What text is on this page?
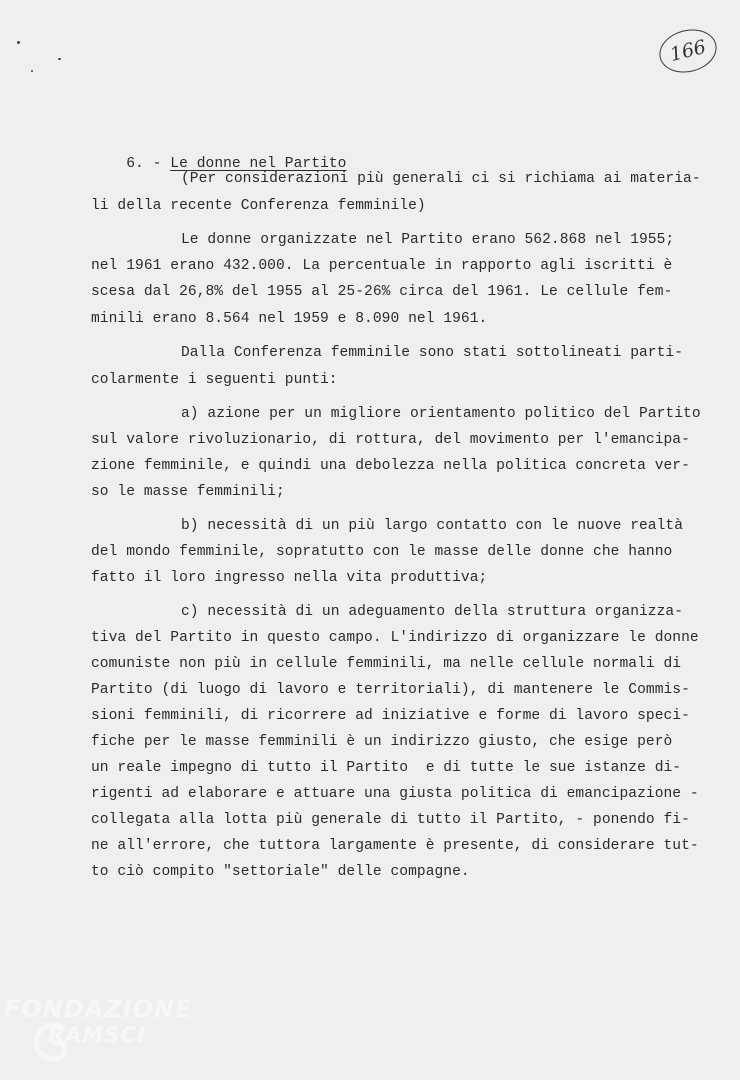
166

6. - Le donne nel Partito

(Per considerazioni più generali ci si richiama ai materia-
li della recente Conferenza femminile)
Le donne organizzate nel Partito erano 562.868 nel 1955;
nel 1961 erano 432.000. La percentuale in rapporto agli iscritti è
scesa dal 26,8% del 1955 al 25-26% circa del 1961. Le cellule fem-
minili erano 8.564 nel 1959 e 8.090 nel 1961.
Dalla Conferenza femminile sono stati sottolineati parti-
colarmente i seguenti punti:
a) azione per un migliore orientamento politico del Partito
sul valore rivoluzionario, di rottura, del movimento per l'emancipa-
zione femminile, e quindi una debolezza nella politica concreta ver-
so le masse femminili;
b) necessità di un più largo contatto con le nuove realtà
del mondo femminile, sopratutto con le masse delle donne che hanno
fatto il loro ingresso nella vita produttiva;
c) necessità di un adeguamento della struttura organizza-
tiva del Partito in questo campo. L'indirizzo di organizzare le donne
comuniste non più in cellule femminili, ma nelle cellule normali di
Partito (di luogo di lavoro e territoriali), di mantenere le Commis-
sioni femminili, di ricorrere ad iniziative e forme di lavoro speci-
fiche per le masse femminili è un indirizzo giusto, che esige però
un reale impegno di tutto il Partito  e di tutte le sue istanze di-
rigenti ad elaborare e attuare una giusta politica di emancipazione -
collegata alla lotta più generale di tutto il Partito, - ponendo fi-
ne all'errore, che tuttora largamente è presente, di considerare tut-
to ciò compito "settoriale" delle compagne.
FONDAZIONE
RAMSCI
